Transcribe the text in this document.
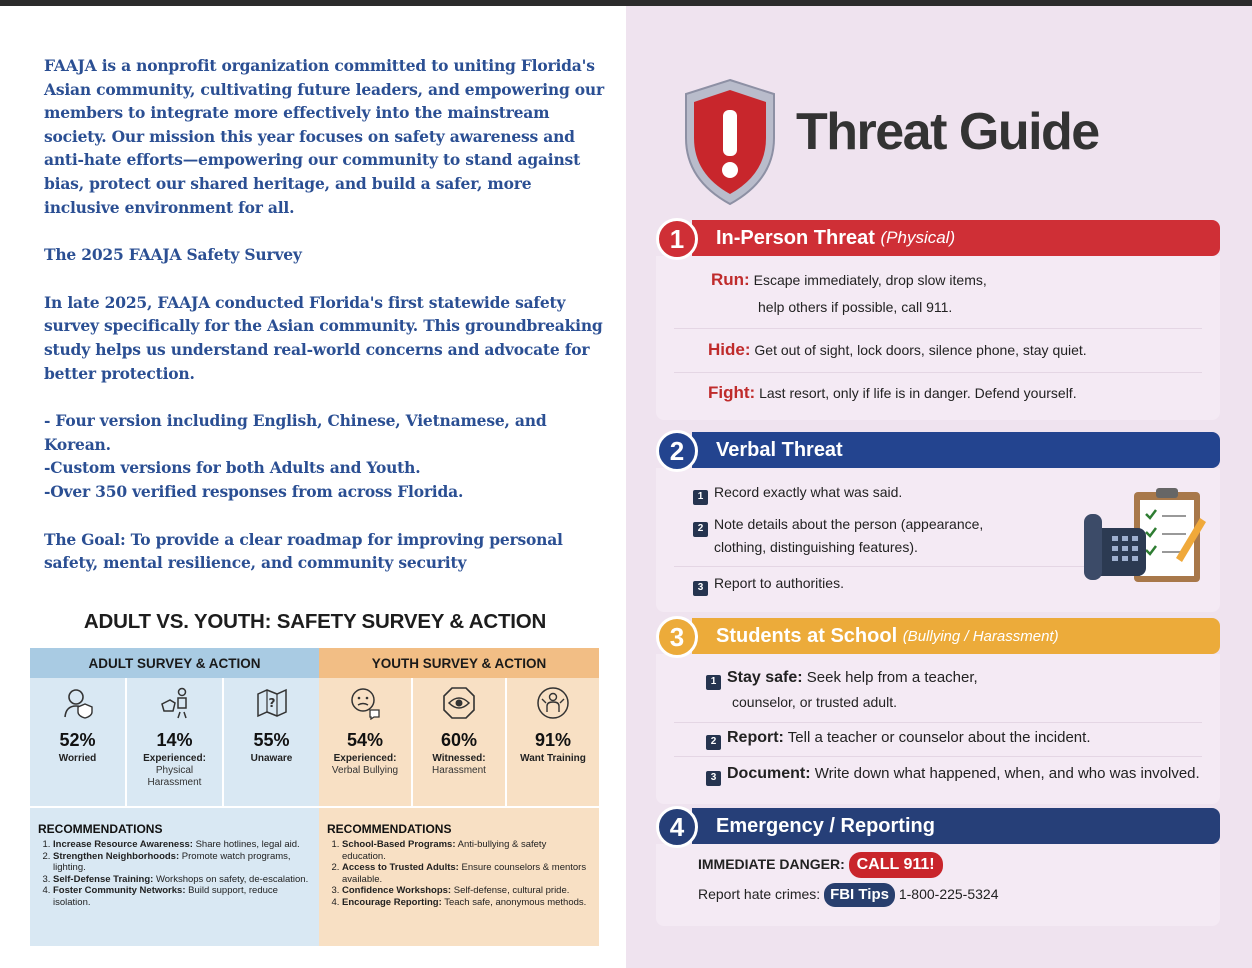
FAAJA is a nonprofit organization committed to uniting Florida's Asian community, cultivating future leaders, and empowering our members to integrate more effectively into the mainstream society. Our mission this year focuses on safety awareness and anti-hate efforts—empowering our community to stand against bias, protect our shared heritage, and build a safer, more inclusive environment for all.

The 2025 FAAJA Safety Survey

In late 2025, FAAJA conducted Florida's first statewide safety survey specifically for the Asian community. This groundbreaking study helps us understand real-world concerns and advocate for better protection.

- Four version including English, Chinese, Vietnamese, and Korean.

-Custom versions for both Adults and Youth.

-Over 350 verified responses from across Florida.

The Goal: To provide a clear roadmap for improving personal safety, mental resilience, and community security

ADULT VS. YOUTH: SAFETY SURVEY & ACTION
ADULT SURVEY & ACTION
52%
Worried
14%
Experienced:
Physical Harassment
?
55%
Unaware
RECOMMENDATIONS
1. Increase Resource Awareness: Share hotlines, legal aid.
2. Strengthen Neighborhoods: Promote watch programs, lighting.
3. Self-Defense Training: Workshops on safety, de-escalation.
4. Foster Community Networks: Build support, reduce isolation.
YOUTH SURVEY & ACTION
54%
Experienced:
Verbal Bullying
60%
Witnessed:
Harassment
91%
Want Training
RECOMMENDATIONS
1. School-Based Programs: Anti-bullying & safety education.
2. Access to Trusted Adults: Ensure counselors & mentors available.
3. Confidence Workshops: Self-defense, cultural pride.
4. Encourage Reporting: Teach safe, anonymous methods.
Threat Guide
In-Person Threat
(Physical)
1
Run: Escape immediately, drop slow items,
help others if possible, call 911.
Hide: Get out of sight, lock doors, silence phone, stay quiet.
Fight: Last resort, only if life is in danger. Defend yourself.
Verbal Threat
2
1 Record exactly what was said.
2 Note details about the person (appearance,
clothing, distinguishing features).
3 Report to authorities.
Students at School
(Bullying / Harassment)
3
1 Stay safe: Seek help from a teacher,
counselor, or trusted adult.
2 Report: Tell a teacher or counselor about the incident.
3 Document: Write down what happened, when, and who was involved.
Emergency / Reporting
4
IMMEDIATE DANGER: CALL 911!
Report hate crimes: FBI Tips 1-800-225-5324
